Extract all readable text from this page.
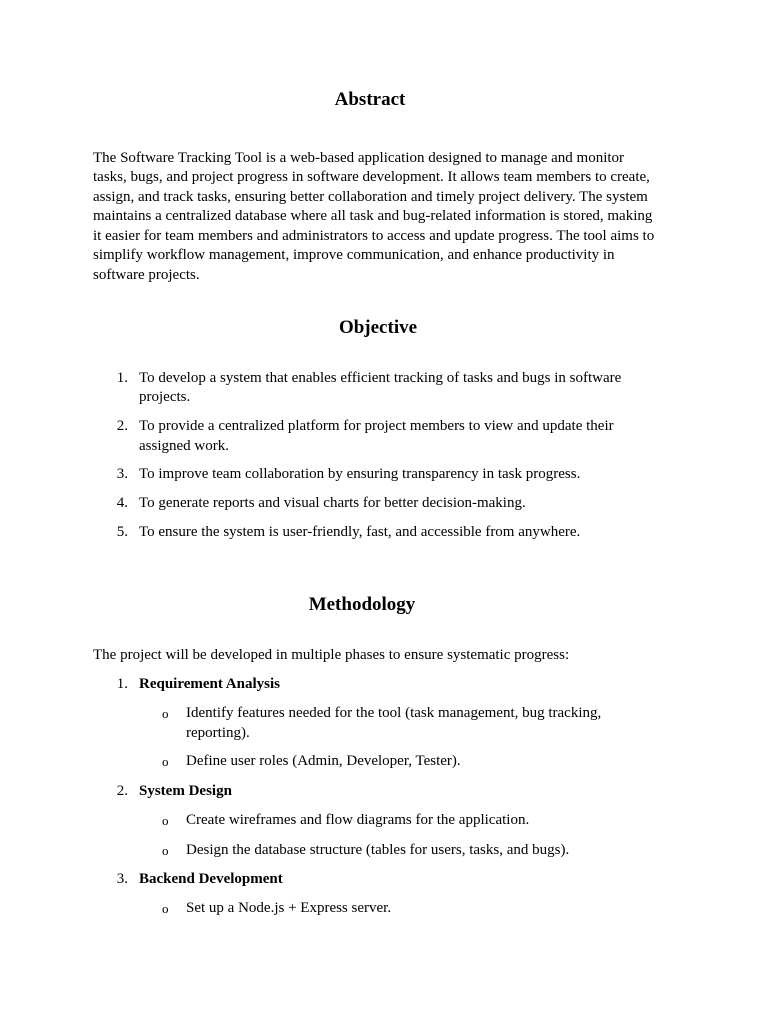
Abstract
The Software Tracking Tool is a web-based application designed to manage and monitor
tasks, bugs, and project progress in software development. It allows team members to create,
assign, and track tasks, ensuring better collaboration and timely project delivery. The system
maintains a centralized database where all task and bug-related information is stored, making
it easier for team members and administrators to access and update progress. The tool aims to
simplify workflow management, improve communication, and enhance productivity in
software projects.
Objective
1. To develop a system that enables efficient tracking of tasks and bugs in software
projects.
2. To provide a centralized platform for project members to view and update their
assigned work.
3. To improve team collaboration by ensuring transparency in task progress.
4. To generate reports and visual charts for better decision-making.
5. To ensure the system is user-friendly, fast, and accessible from anywhere.
Methodology
The project will be developed in multiple phases to ensure systematic progress:
1. Requirement Analysis
o Identify features needed for the tool (task management, bug tracking,
reporting).
o Define user roles (Admin, Developer, Tester).
2. System Design
o Create wireframes and flow diagrams for the application.
o Design the database structure (tables for users, tasks, and bugs).
3. Backend Development
o Set up a Node.js + Express server.
